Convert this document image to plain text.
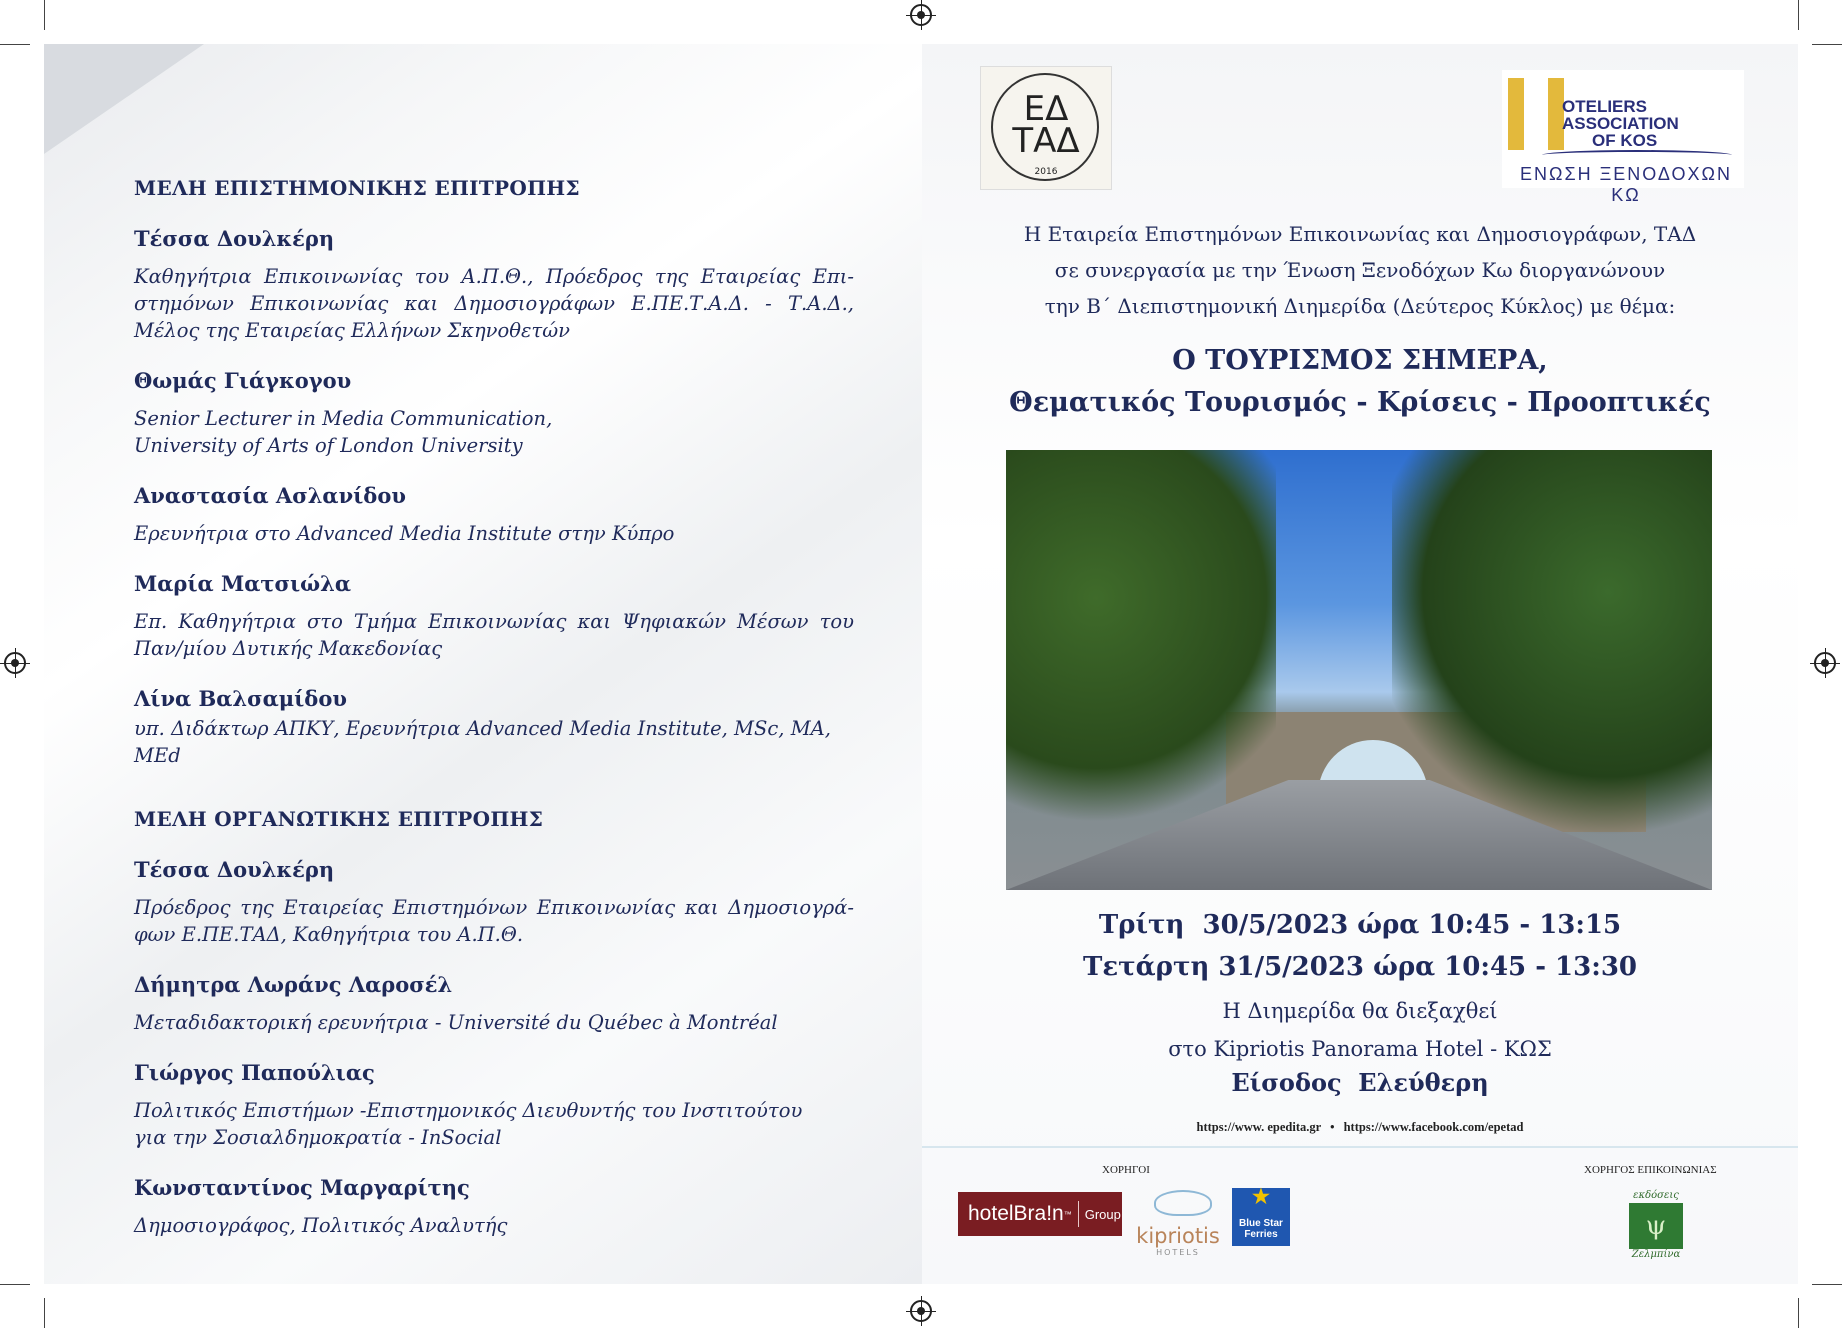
ΜΕΛΗ ΕΠΙΣΤΗΜΟΝΙΚΗΣ ΕΠΙΤΡΟΠΗΣ
Τέσσα Δουλκέρη
Καθηγήτρια Επικοινωνίας του Α.Π.Θ., Πρόεδρος της Εταιρείας Επι-στημόνων Επικοινωνίας και Δημοσιογράφων Ε.ΠΕ.Τ.Α.Δ. - Τ.Α.Δ., Μέλος της Εταιρείας Ελλήνων Σκηνοθετών
Θωμάς Γιάγκογου
Senior Lecturer in Media Communication, University of Arts of London University
Αναστασία Ασλανίδου
Ερευνήτρια στο Advanced Media Institute στην Κύπρο
Μαρία Ματσιώλα
Επ. Καθηγήτρια στο Τμήμα Επικοινωνίας και Ψηφιακών Μέσων του Παν/μίου Δυτικής Μακεδονίας
Λίνα Βαλσαμίδου
υπ. Διδάκτωρ ΑΠΚΥ, Ερευνήτρια Advanced Media Institute, MSc, MA, MEd
ΜΕΛΗ ΟΡΓΑΝΩΤΙΚΗΣ ΕΠΙΤΡΟΠΗΣ
Τέσσα Δουλκέρη
Πρόεδρος της Εταιρείας Επιστημόνων Επικοινωνίας και Δημοσιογρά-φων Ε.ΠΕ.ΤΑΔ, Καθηγήτρια του Α.Π.Θ.
Δήμητρα Λωράνς Λαροσέλ
Μεταδιδακτορική ερευνήτρια - Université du Québec à Montréal
Γιώργος Παπούλιας
Πολιτικός Επιστήμων -Επιστημονικός Διευθυντής του Ινστιτούτου για την Σοσιαλδημοκρατία - InSocial
Κωνσταντίνος Μαργαρίτης
Δημοσιογράφος, Πολιτικός Αναλυτής
ΕΔ ΤΑΔ
2016
OTELIERS
ASSOCIATION
OF KOS
ΕΝΩΣΗ ΞΕΝΟΔΟΧΩΝ ΚΩ
Η Εταιρεία Επιστημόνων Επικοινωνίας και Δημοσιογράφων, ΤΑΔ
σε συνεργασία με την Ένωση Ξενοδόχων Κω διοργανώνουν
την Β΄ Διεπιστημονική Διημερίδα (Δεύτερος Κύκλος) με θέμα:
Ο ΤΟΥΡΙΣΜΟΣ ΣΗΜΕΡΑ,
Θεματικός Τουρισμός - Κρίσεις - Προοπτικές
Τρίτη  30/5/2023 ώρα 10:45 - 13:15
Τετάρτη 31/5/2023 ώρα 10:45 - 13:30
Η Διημερίδα θα διεξαχθεί
στο Kipriotis Panorama Hotel - ΚΩΣ
Είσοδος  Ελεύθερη
https://www. epedita.gr • https://www.facebook.com/epetad
ΧΟΡΗΓΟΙ	ΧΟΡΗΓΟΣ ΕΠΙΚΟΙΝΩΝΙΑΣ
hotelBra!n ™ Group
kipriotis
HOTELS
★
Blue Star Ferries
εκδόσεις
ψ
Ζελμπίνα
